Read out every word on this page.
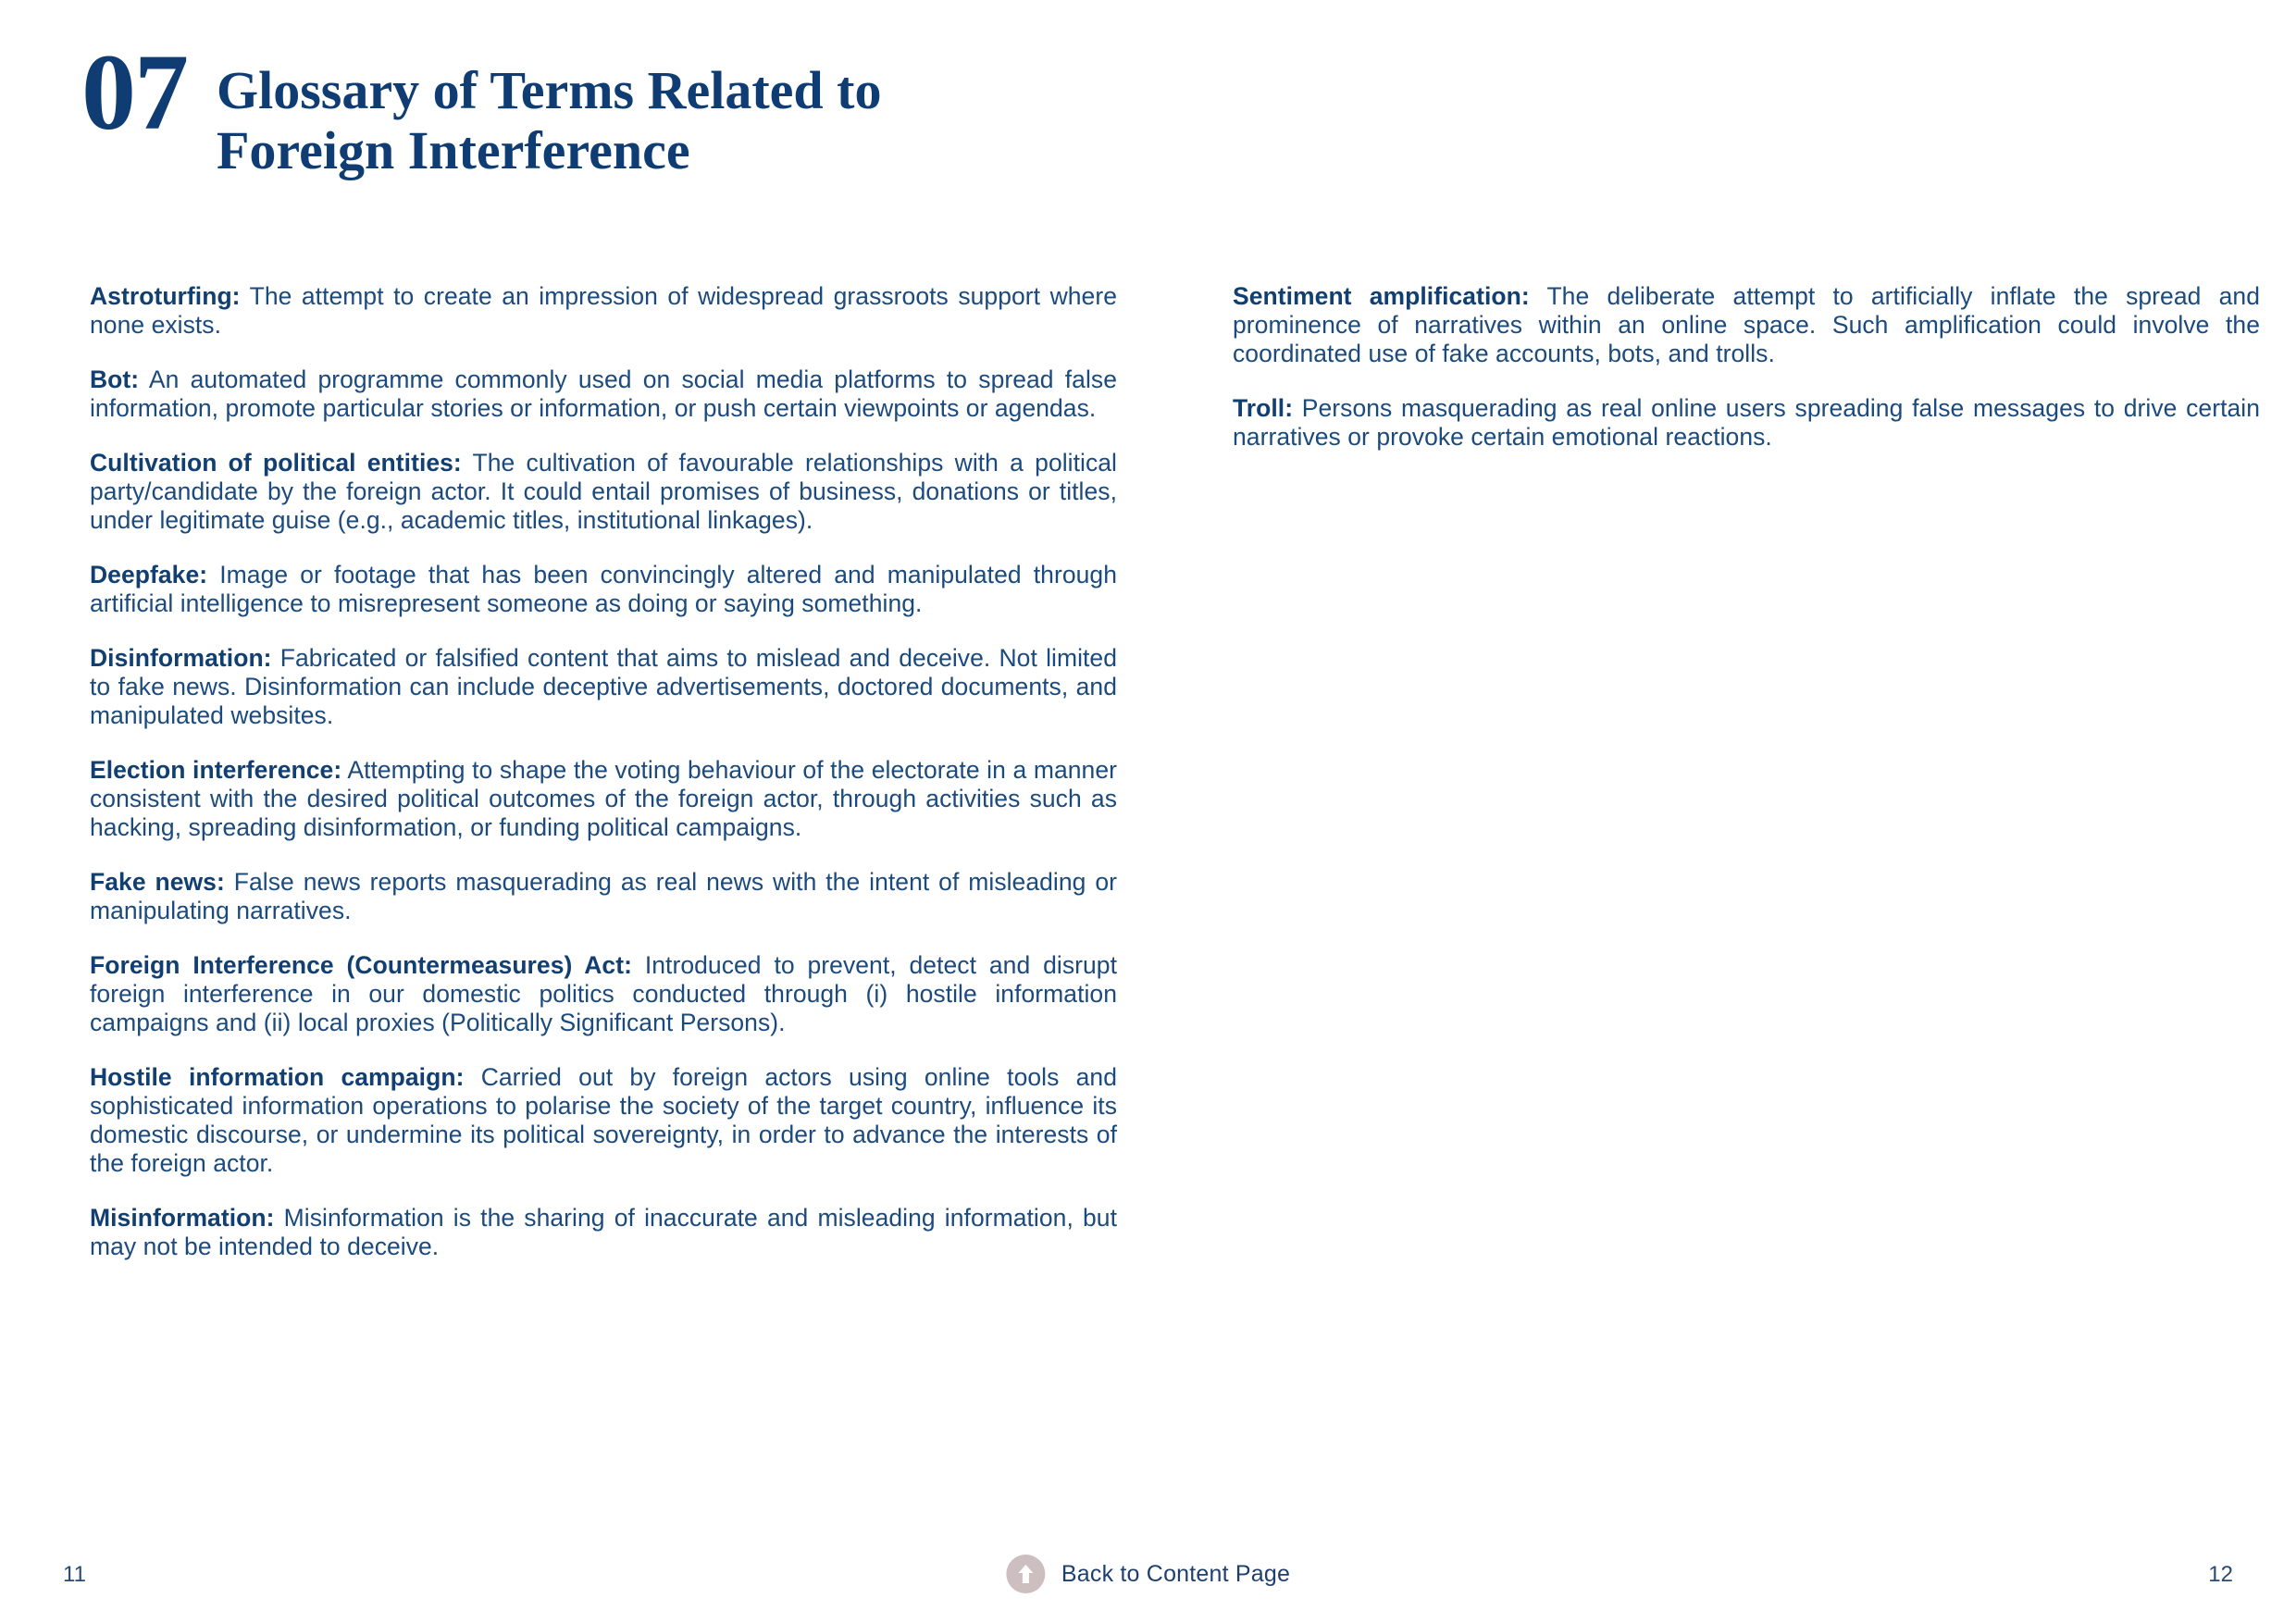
07 Glossary of Terms Related to
Foreign Interference

Astroturfing: The attempt to create an impression of widespread grassroots support where none exists.

Bot: An automated programme commonly used on social media platforms to spread false information, promote particular stories or information, or push certain viewpoints or agendas.

Cultivation of political entities: The cultivation of favourable relationships with a political party/candidate by the foreign actor. It could entail promises of business, donations or titles, under legitimate guise (e.g., academic titles, institutional linkages).

Deepfake: Image or footage that has been convincingly altered and manipulated through artificial intelligence to misrepresent someone as doing or saying something.

Disinformation: Fabricated or falsified content that aims to mislead and deceive. Not limited to fake news. Disinformation can include deceptive advertisements, doctored documents, and manipulated websites.

Election interference: Attempting to shape the voting behaviour of the electorate in a manner consistent with the desired political outcomes of the foreign actor, through activities such as hacking, spreading disinformation, or funding political campaigns.

Fake news: False news reports masquerading as real news with the intent of misleading or manipulating narratives.

Foreign Interference (Countermeasures) Act: Introduced to prevent, detect and disrupt foreign interference in our domestic politics conducted through (i) hostile information campaigns and (ii) local proxies (Politically Significant Persons).

Hostile information campaign: Carried out by foreign actors using online tools and sophisticated information operations to polarise the society of the target country, influence its domestic discourse, or undermine its political sovereignty, in order to advance the interests of the foreign actor.

Misinformation: Misinformation is the sharing of inaccurate and misleading information, but may not be intended to deceive.

Sentiment amplification: The deliberate attempt to artificially inflate the spread and prominence of narratives within an online space. Such amplification could involve the coordinated use of fake accounts, bots, and trolls.

Troll: Persons masquerading as real online users spreading false messages to drive certain narratives or provoke certain emotional reactions.

11	Back to Content Page	12
